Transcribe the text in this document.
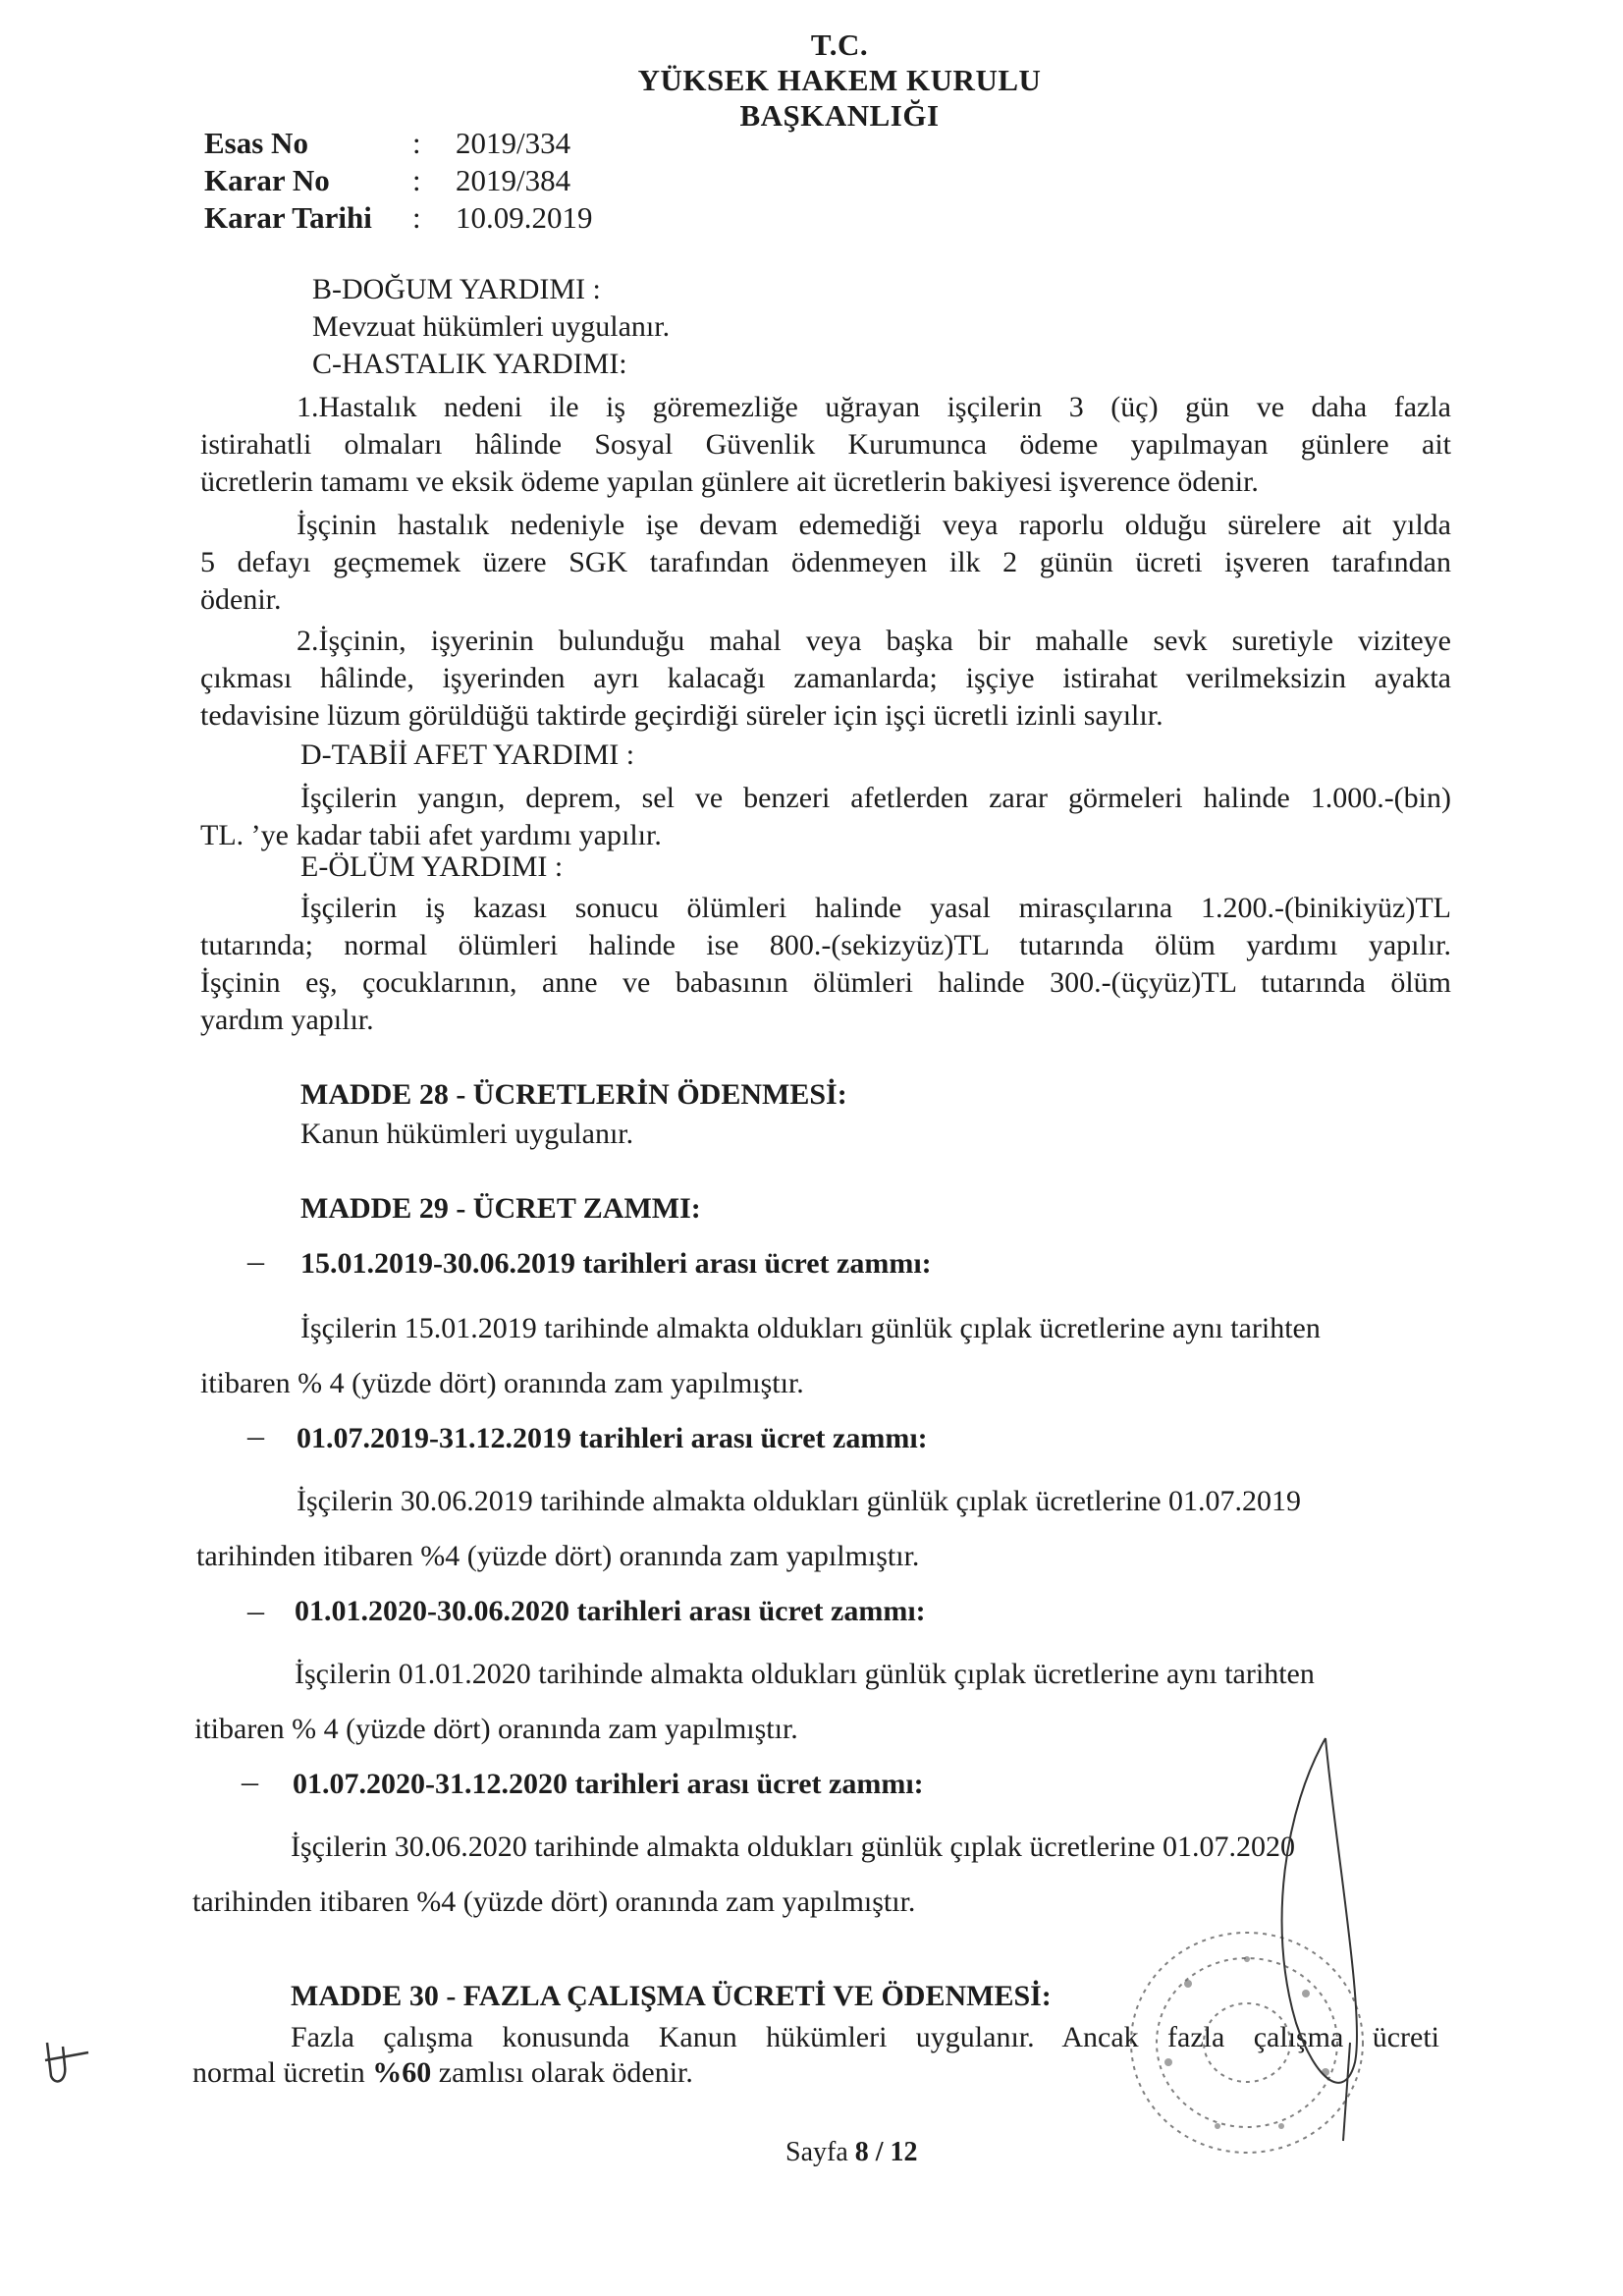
T.C.
YÜKSEK HAKEM KURULU
BAŞKANLIĞI
Esas No	: 2019/334
Karar No	: 2019/384
Karar Tarihi : 10.09.2019
B-DOĞUM YARDIMI :
Mevzuat hükümleri uygulanır.
C-HASTALIK YARDIMI:
1.Hastalık nedeni ile iş göremezliğe uğrayan işçilerin 3 (üç) gün ve daha fazla
istirahatli olmaları hâlinde Sosyal Güvenlik Kurumunca ödeme yapılmayan günlere ait
ücretlerin tamamı ve eksik ödeme yapılan günlere ait ücretlerin bakiyesi işverence ödenir.
İşçinin hastalık nedeniyle işe devam edemediği veya raporlu olduğu sürelere ait yılda
5 defayı geçmemek üzere SGK tarafından ödenmeyen ilk 2 günün ücreti işveren tarafından
ödenir.
2.İşçinin, işyerinin bulunduğu mahal veya başka bir mahalle sevk suretiyle viziteye
çıkması hâlinde, işyerinden ayrı kalacağı zamanlarda; işçiye istirahat verilmeksizin ayakta
tedavisine lüzum görüldüğü taktirde geçirdiği süreler için işçi ücretli izinli sayılır.
D-TABİİ AFET YARDIMI :
İşçilerin yangın, deprem, sel ve benzeri afetlerden zarar görmeleri halinde 1.000.-(bin)
TL. ’ye kadar tabii afet yardımı yapılır.
E-ÖLÜM YARDIMI :
İşçilerin iş kazası sonucu ölümleri halinde yasal mirasçılarına 1.200.-(binikiyüz)TL
tutarında; normal ölümleri halinde ise 800.-(sekizyüz)TL tutarında ölüm yardımı yapılır.
İşçinin eş, çocuklarının, anne ve babasının ölümleri halinde 300.-(üçyüz)TL tutarında ölüm
yardım yapılır.
MADDE 28 - ÜCRETLERİN ÖDENMESİ:
Kanun hükümleri uygulanır.
MADDE 29 - ÜCRET ZAMMI:
– 15.01.2019-30.06.2019 tarihleri arası ücret zammı:
İşçilerin 15.01.2019 tarihinde almakta oldukları günlük çıplak ücretlerine aynı tarihten
itibaren % 4 (yüzde dört) oranında zam yapılmıştır.
– 01.07.2019-31.12.2019 tarihleri arası ücret zammı:
İşçilerin 30.06.2019 tarihinde almakta oldukları günlük çıplak ücretlerine 01.07.2019
tarihinden itibaren %4 (yüzde dört) oranında zam yapılmıştır.
– 01.01.2020-30.06.2020 tarihleri arası ücret zammı:
İşçilerin 01.01.2020 tarihinde almakta oldukları günlük çıplak ücretlerine aynı tarihten
itibaren % 4 (yüzde dört) oranında zam yapılmıştır.
– 01.07.2020-31.12.2020 tarihleri arası ücret zammı:
İşçilerin 30.06.2020 tarihinde almakta oldukları günlük çıplak ücretlerine 01.07.2020
tarihinden itibaren %4 (yüzde dört) oranında zam yapılmıştır.
MADDE 30 - FAZLA ÇALIŞMA ÜCRETİ VE ÖDENMESİ:
Fazla çalışma konusunda Kanun hükümleri uygulanır. Ancak fazla çalışma ücreti
normal ücretin %60 zamlısı olarak ödenir.
Sayfa 8 / 12
